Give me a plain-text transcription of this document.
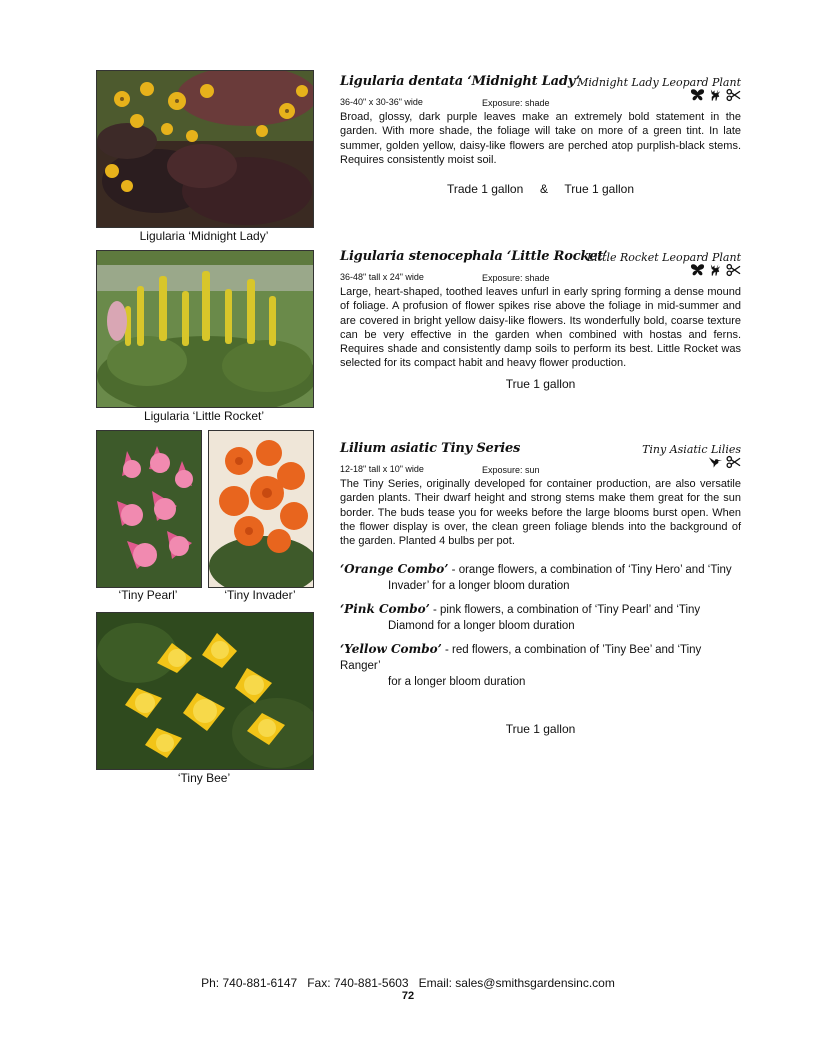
Ligularia ‘Midnight Lady’
Ligularia ‘Little Rocket’
‘Tiny Pearl’	‘Tiny Invader’
‘Tiny Bee’
Ligularia dentata ‘Midnight Lady’
Midnight Lady Leopard Plant
36-40" x 30-36" wide	Exposure: shade
Broad, glossy, dark purple leaves make an extremely bold statement in the garden. With more shade, the foliage will take on more of a green tint. In late summer, golden yellow, daisy-like flowers are perched atop purplish-black stems. Requires consistently moist soil.
Trade 1 gallon     &     True 1 gallon
Ligularia stenocephala ‘Little Rocket’
Little Rocket Leopard Plant
36-48" tall x 24" wide	Exposure: shade
Large, heart-shaped, toothed leaves unfurl in early spring forming a dense mound of foliage. A profusion of flower spikes rise above the foliage in mid-summer and are covered in bright yellow daisy-like flowers. Its wonderfully bold, coarse texture can be very effective in the garden when combined with hostas and ferns. Requires shade and consistently damp soils to perform its best. Little Rocket was selected for its compact habit and heavy flower production.
True 1 gallon
Lilium asiatic Tiny Series	Tiny Asiatic Lilies
12-18" tall x 10" wide	Exposure: sun
The Tiny Series, originally developed for container production, are also versatile garden plants. Their dwarf height and strong stems make them great for the sun border. The buds tease you for weeks before the large blooms burst open. When the flower display is over, the clean green foliage blends into the background of the garden. Planted 4 bulbs per pot.
‘Orange Combo’ - orange flowers, a combination of ‘Tiny Hero’ and ‘Tiny
Invader’ for a longer bloom duration
‘Pink Combo’ - pink flowers, a combination of ‘Tiny Pearl’ and ‘Tiny
Diamond for a longer bloom duration
‘Yellow Combo’ - red flowers, a combination of ’Tiny Bee’ and ‘Tiny Ranger’
for a longer bloom duration
True 1 gallon
Ph: 740-881-6147   Fax: 740-881-5603   Email: sales@smithsgardensinc.com
72
